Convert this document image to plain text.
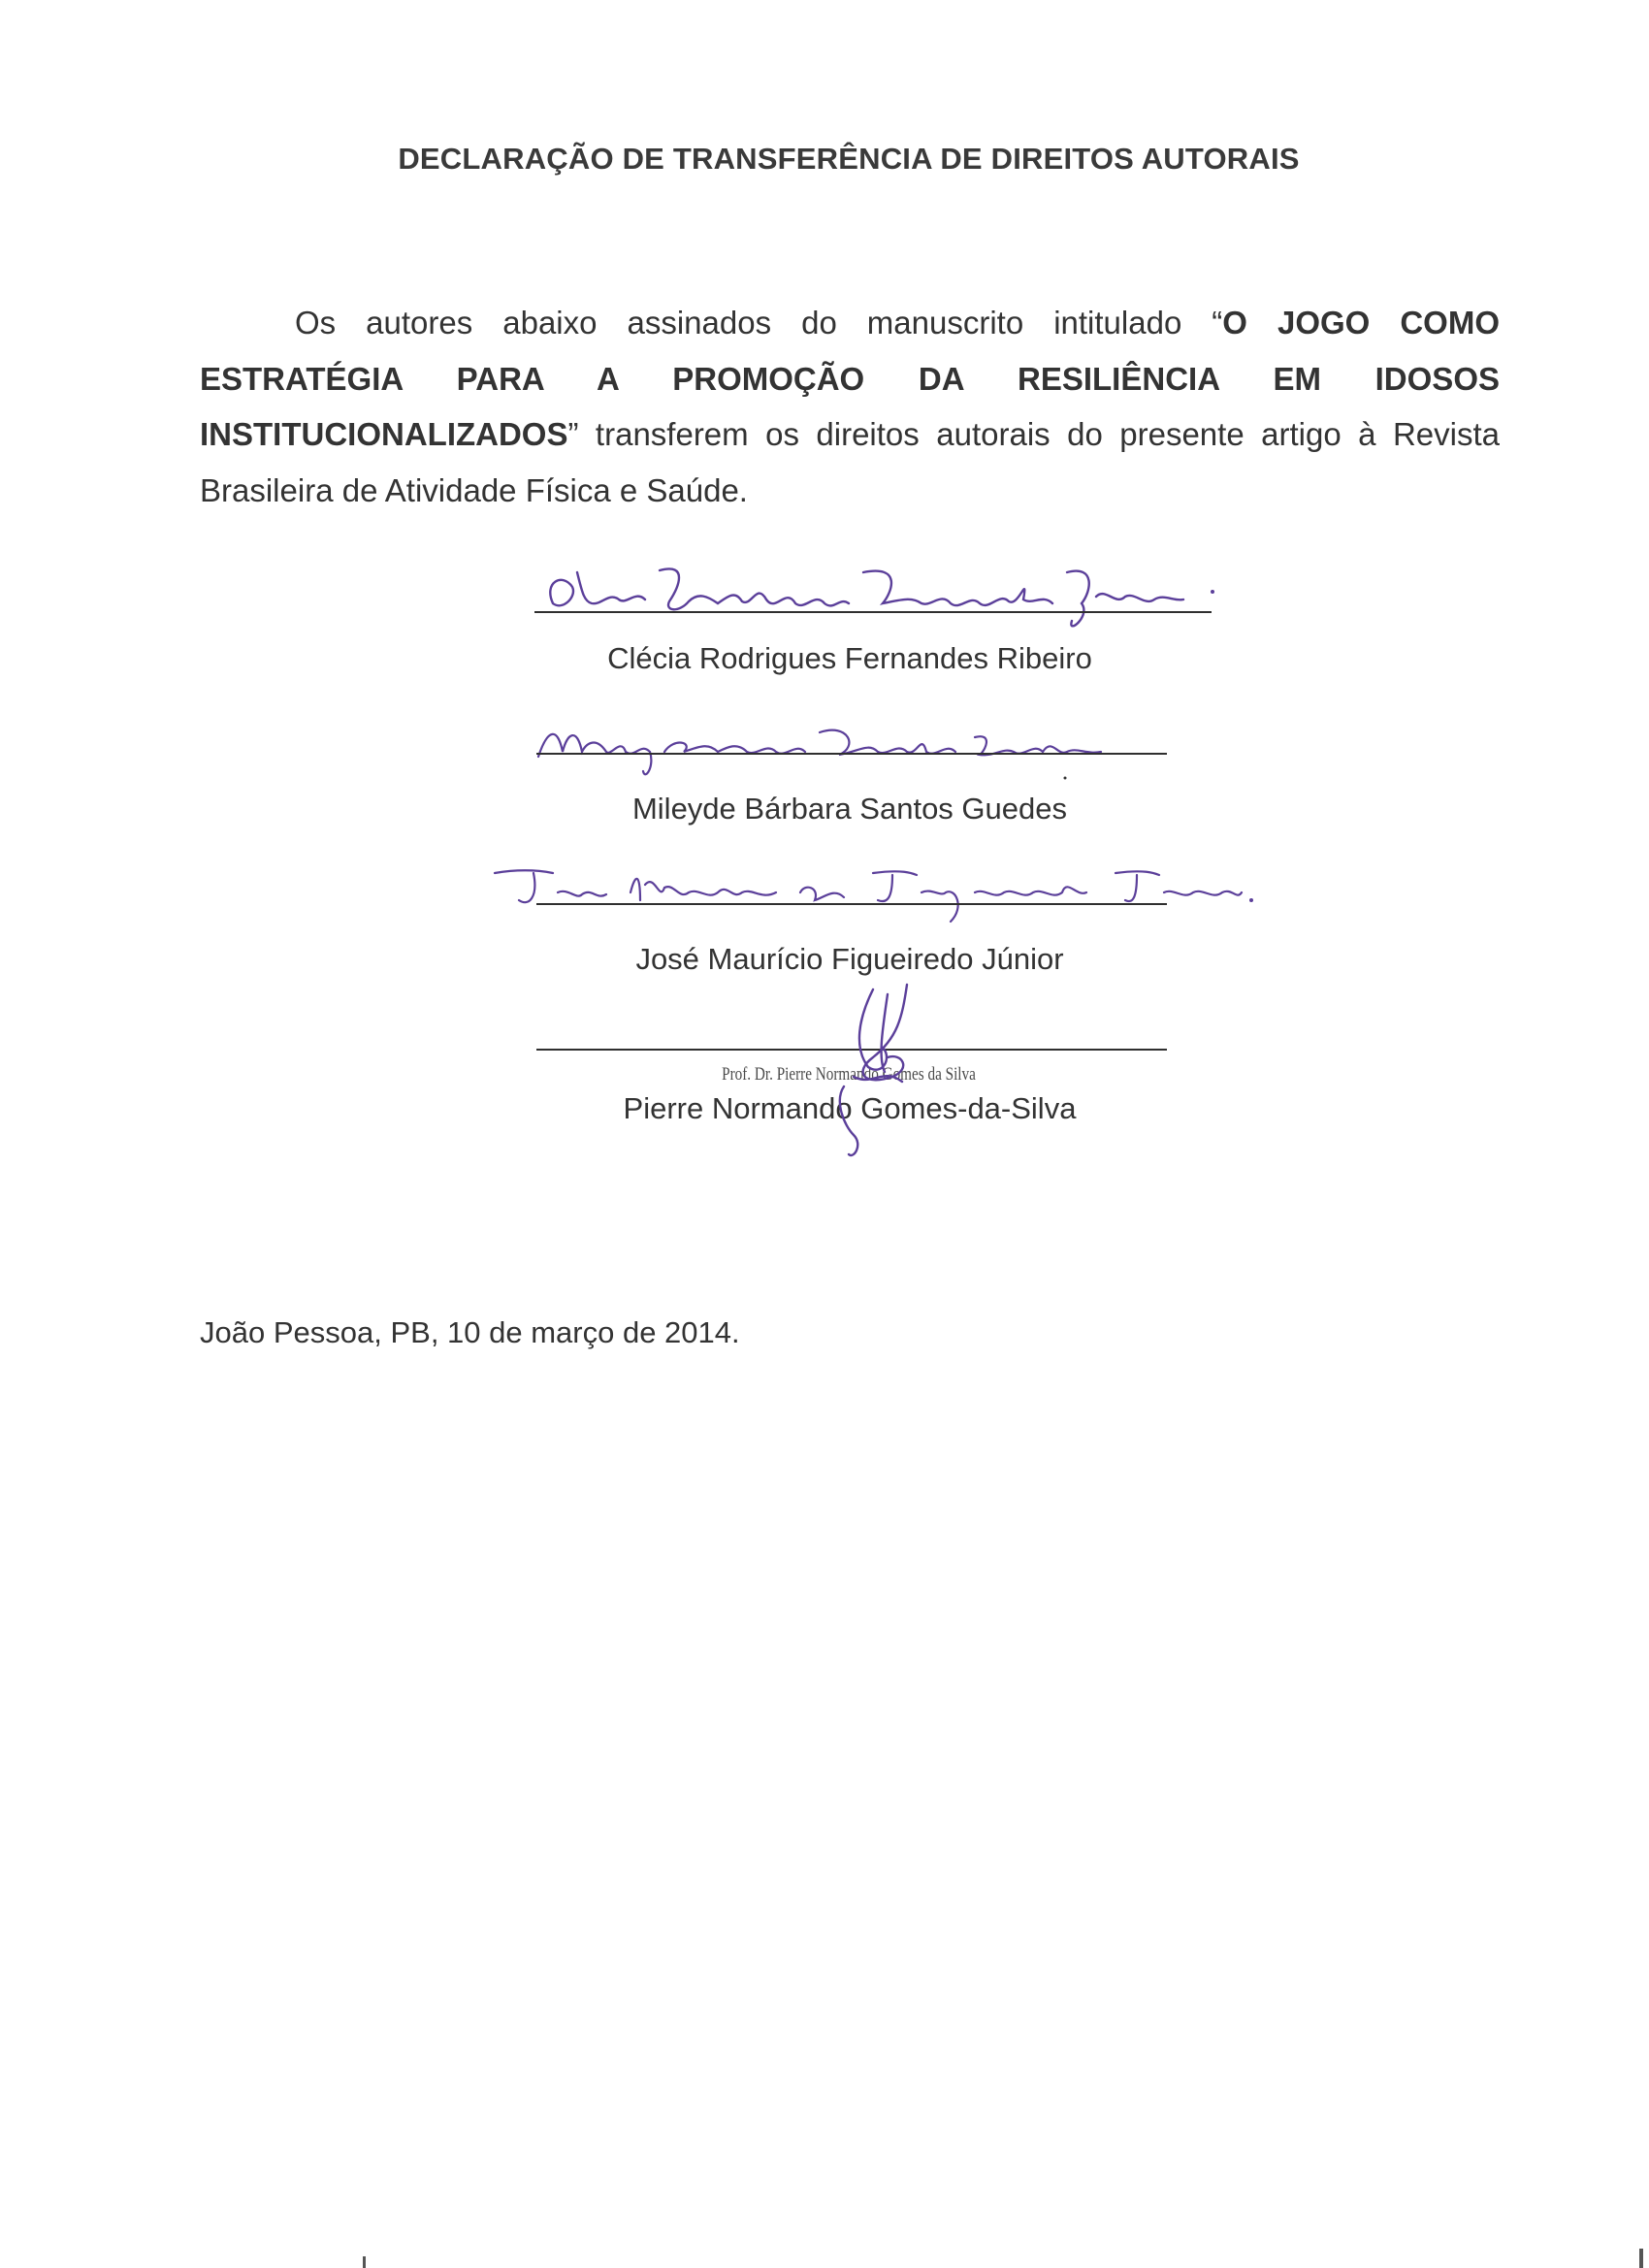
DECLARAÇÃO DE TRANSFERÊNCIA DE DIREITOS AUTORAIS

Os autores abaixo assinados do manuscrito intitulado “O JOGO COMO ESTRATÉGIA PARA A PROMOÇÃO DA RESILIÊNCIA EM IDOSOS INSTITUCIONALIZADOS” transferem os direitos autorais do presente artigo à Revista Brasileira de Atividade Física e Saúde.

Clécia Rodrigues Fernandes Ribeiro
Mileyde Bárbara Santos Guedes
José Maurício Figueiredo Júnior
Prof. Dr. Pierre Normando Gomes da Silva
Pierre Normando Gomes-da-Silva
João Pessoa, PB, 10 de março de 2014.
